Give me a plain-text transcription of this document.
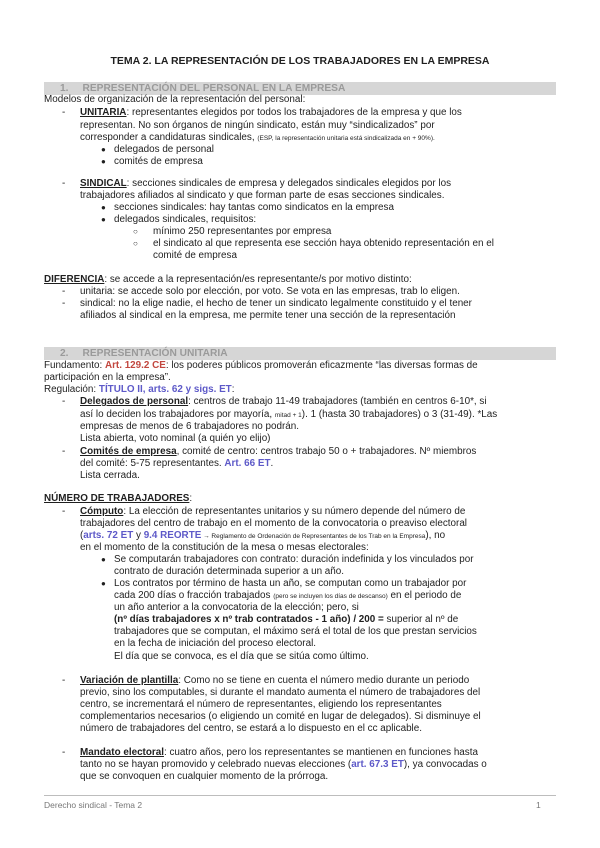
TEMA 2. LA REPRESENTACIÓN DE LOS TRABAJADORES EN LA EMPRESA
1. REPRESENTACIÓN DEL PERSONAL EN LA EMPRESA
Modelos de organización de la representación del personal:
- UNITARIA: representantes elegidos por todos los trabajadores de la empresa y que los
representan. No son órganos de ningún sindicato, están muy “sindicalizados” por
corresponder a candidaturas sindicales, (ESP, la representación unitaria está sindicalizada en + 90%).
● delegados de personal
● comités de empresa
- SINDICAL: secciones sindicales de empresa y delegados sindicales elegidos por los
trabajadores afiliados al sindicato y que forman parte de esas secciones sindicales.
● secciones sindicales: hay tantas como sindicatos en la empresa
● delegados sindicales, requisitos:
○ mínimo 250 representantes por empresa
○ el sindicato al que representa ese sección haya obtenido representación en el
comité de empresa
DIFERENCIA: se accede a la representación/es representante/s por motivo distinto:
- unitaria: se accede solo por elección, por voto. Se vota en las empresas, trab lo eligen.
- sindical: no la elige nadie, el hecho de tener un sindicato legalmente constituido y el tener
afiliados al sindical en la empresa, me permite tener una sección de la representación
2. REPRESENTACIÓN UNITARIA
Fundamento: Art. 129.2 CE: los poderes públicos promoverán eficazmente “las diversas formas de
participación en la empresa”.
Regulación: TÍTULO II, arts. 62 y sigs. ET:
- Delegados de personal: centros de trabajo 11-49 trabajadores (también en centros 6-10*, si
así lo deciden los trabajadores por mayoría, mitad + 1). 1 (hasta 30 trabajadores) o 3 (31-49). *Las
empresas de menos de 6 trabajadores no podrán.
Lista abierta, voto nominal (a quién yo elijo)
- Comités de empresa, comité de centro: centros trabajo 50 o + trabajadores. Nº miembros
del comité: 5-75 representantes. Art. 66 ET.
Lista cerrada.
NÚMERO DE TRABAJADORES:
- Cómputo: La elección de representantes unitarios y su número depende del número de
trabajadores del centro de trabajo en el momento de la convocatoria o preaviso electoral
(arts. 72 ET y 9.4 REORTE → Reglamento de Ordenación de Representantes de los Trab en la Empresa), no
en el momento de la constitución de la mesa o mesas electorales:
● Se computarán trabajadores con contrato: duración indefinida y los vinculados por
contrato de duración determinada superior a un año.
● Los contratos por término de hasta un año, se computan como un trabajador por
cada 200 días o fracción trabajados (pero se incluyen los días de descanso) en el periodo de
un año anterior a la convocatoria de la elección; pero, si
(nº días trabajadores x nº trab contratados - 1 año) / 200 = superior al nº de
trabajadores que se computan, el máximo será el total de los que prestan servicios
en la fecha de iniciación del proceso electoral.
El día que se convoca, es el día que se sitúa como último.
- Variación de plantilla: Como no se tiene en cuenta el número medio durante un periodo
previo, sino los computables, si durante el mandato aumenta el número de trabajadores del
centro, se incrementará el número de representantes, eligiendo los representantes
complementarios necesarios (o eligiendo un comité en lugar de delegados). Si disminuye el
número de trabajadores del centro, se estará a lo dispuesto en el cc aplicable.
- Mandato electoral: cuatro años, pero los representantes se mantienen en funciones hasta
tanto no se hayan promovido y celebrado nuevas elecciones (art. 67.3 ET), ya convocadas o
que se convoquen en cualquier momento de la prórroga.
Derecho sindical - Tema 2	1
